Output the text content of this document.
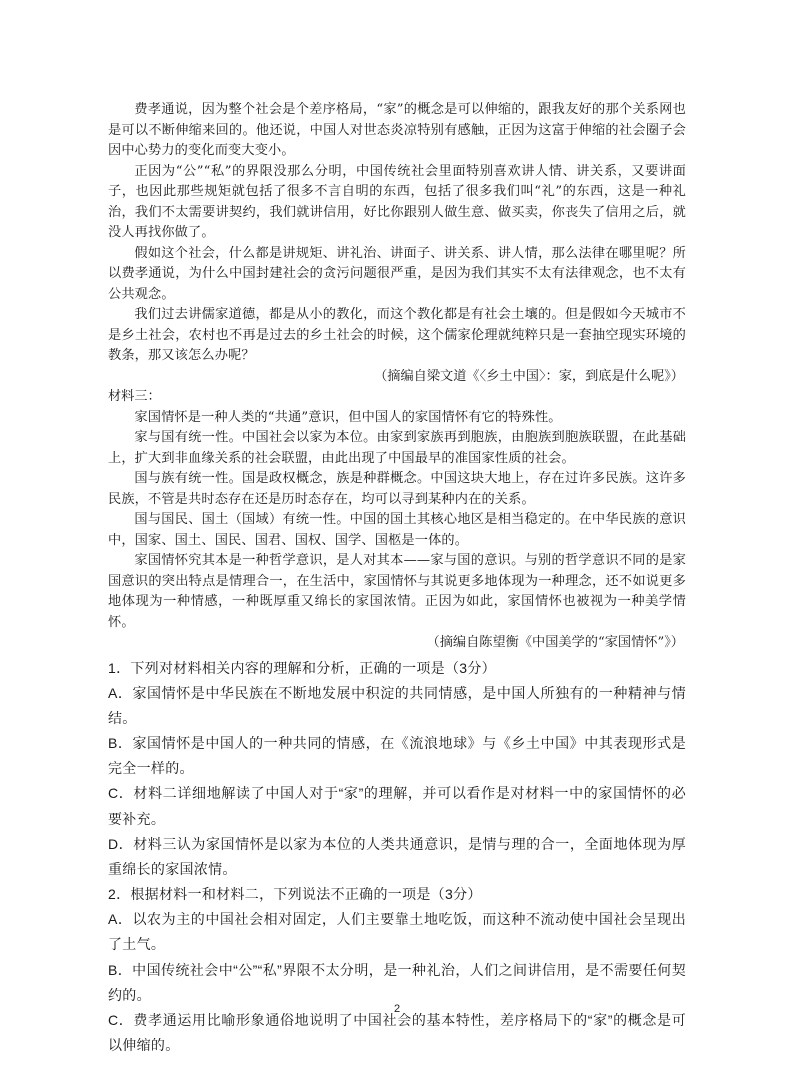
费孝通说，因为整个社会是个差序格局，“家”的概念是可以伸缩的，跟我友好的那个关系网也是可以不断伸缩来回的。他还说，中国人对世态炎凉特别有感触，正因为这富于伸缩的社会圈子会因中心势力的变化而变大变小。

正因为“公”“私”的界限没那么分明，中国传统社会里面特别喜欢讲人情、讲关系，又要讲面子，也因此那些规矩就包括了很多不言自明的东西，包括了很多我们叫“礼”的东西，这是一种礼治，我们不太需要讲契约，我们就讲信用，好比你跟别人做生意、做买卖，你丧失了信用之后，就没人再找你做了。

假如这个社会，什么都是讲规矩、讲礼治、讲面子、讲关系、讲人情，那么法律在哪里呢？所以费孝通说，为什么中国封建社会的贪污问题很严重，是因为我们其实不太有法律观念，也不太有公共观念。

我们过去讲儒家道德，都是从小的教化，而这个教化都是有社会土壤的。但是假如今天城市不是乡土社会，农村也不再是过去的乡土社会的时候，这个儒家伦理就纯粹只是一套抽空现实环境的教条，那又该怎么办呢？

（摘编自梁文道《〈乡土中国〉：家，到底是什么呢》）

材料三：

家国情怀是一种人类的“共通”意识，但中国人的家国情怀有它的特殊性。

家与国有统一性。中国社会以家为本位。由家到家族再到胞族，由胞族到胞族联盟，在此基础上，扩大到非血缘关系的社会联盟，由此出现了中国最早的准国家性质的社会。

国与族有统一性。国是政权概念，族是种群概念。中国这块大地上，存在过许多民族。这许多民族，不管是共时态存在还是历时态存在，均可以寻到某种内在的关系。

国与国民、国土（国域）有统一性。中国的国土其核心地区是相当稳定的。在中华民族的意识中，国家、国土、国民、国君、国权、国学、国柩是一体的。

家国情怀究其本是一种哲学意识，是人对其本——家与国的意识。与别的哲学意识不同的是家国意识的突出特点是情理合一，在生活中，家国情怀与其说更多地体现为一种理念，还不如说更多地体现为一种情感，一种既厚重又绵长的家国浓情。正因为如此，家国情怀也被视为一种美学情怀。

（摘编自陈望衡《中国美学的“家国情怀”》）

1．下列对材料相关内容的理解和分析，正确的一项是（3分）

A．家国情怀是中华民族在不断地发展中积淀的共同情感，是中国人所独有的一种精神与情结。

B．家国情怀是中国人的一种共同的情感，在《流浪地球》与《乡土中国》中其表现形式是完全一样的。

C．材料二详细地解读了中国人对于“家”的理解，并可以看作是对材料一中的家国情怀的必要补充。

D．材料三认为家国情怀是以家为本位的人类共通意识，是情与理的合一，全面地体现为厚重绵长的家国浓情。

2．根据材料一和材料二，下列说法不正确的一项是（3分）

A．以农为主的中国社会相对固定，人们主要靠土地吃饭，而这种不流动使中国社会呈现出了土气。

B．中国传统社会中“公”“私”界限不太分明，是一种礼治，人们之间讲信用，是不需要任何契约的。

C．费孝通运用比喻形象通俗地说明了中国社会的基本特性，差序格局下的“家”的概念是可以伸缩的。

2
